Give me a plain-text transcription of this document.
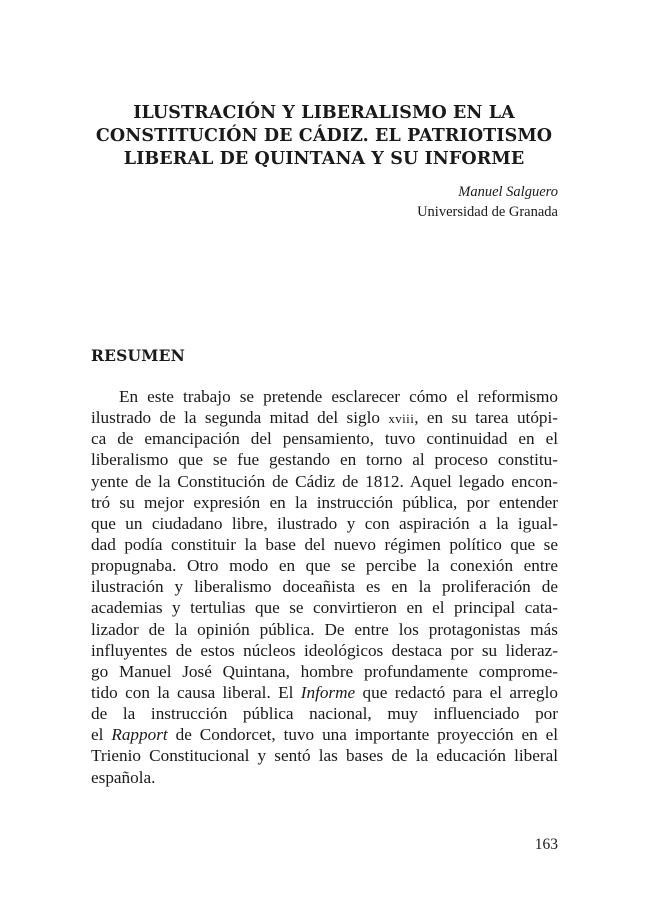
ILUSTRACIÓN Y LIBERALISMO EN LA
CONSTITUCIÓN DE CÁDIZ. EL PATRIOTISMO
LIBERAL DE QUINTANA Y SU INFORME
Manuel Salguero
Universidad de Granada
RESUMEN
En este trabajo se pretende esclarecer cómo el reformismo
ilustrado de la segunda mitad del siglo xviii, en su tarea utópi-
ca de emancipación del pensamiento, tuvo continuidad en el
liberalismo que se fue gestando en torno al proceso constitu-
yente de la Constitución de Cádiz de 1812. Aquel legado encon-
tró su mejor expresión en la instrucción pública, por entender
que un ciudadano libre, ilustrado y con aspiración a la igual-
dad podía constituir la base del nuevo régimen político que se
propugnaba. Otro modo en que se percibe la conexión entre
ilustración y liberalismo doceañista es en la proliferación de
academias y tertulias que se convirtieron en el principal cata-
lizador de la opinión pública. De entre los protagonistas más
influyentes de estos núcleos ideológicos destaca por su lideraz-
go Manuel José Quintana, hombre profundamente comprome-
tido con la causa liberal. El Informe que redactó para el arreglo
de la instrucción pública nacional, muy influenciado por
el Rapport de Condorcet, tuvo una importante proyección en el
Trienio Constitucional y sentó las bases de la educación liberal
española.
163
